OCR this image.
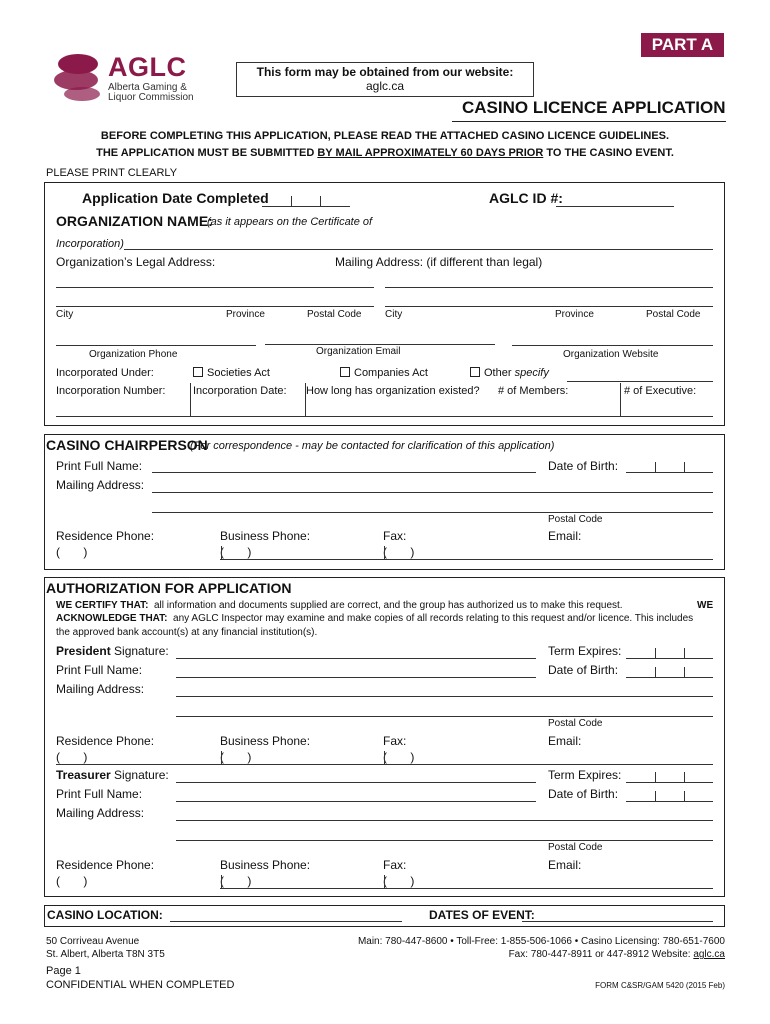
PART A
AGLC
Alberta Gaming &
Liquor Commission
This form may be obtained from our website:
aglc.ca
CASINO LICENCE APPLICATION
BEFORE COMPLETING THIS APPLICATION, PLEASE READ THE ATTACHED CASINO LICENCE GUIDELINES.
THE APPLICATION MUST BE SUBMITTED BY MAIL APPROXIMATELY 60 DAYS PRIOR TO THE CASINO EVENT.
PLEASE PRINT CLEARLY
Application Date Completed	AGLC ID #:
ORGANIZATION NAME:
(as it appears on the Certificate of
Incorporation)
Organization’s Legal Address:	Mailing Address: (if different than legal)
City	Province	Postal Code City	Province	Postal Code
Organization Phone	Organization Email	Organization Website
Incorporated Under:	Societies Act	Companies Act	Other specify
Incorporation Number:	Incorporation Date: How long has organization existed? # of Members:	# of Executive:
CASINO CHAIRPERSON
(For correspondence - may be contacted for clarification of this application)
Print Full Name:	Date of Birth:
Mailing Address:
Postal Code
Residence Phone:	Business Phone:	Fax:	Email:
(       )	(       )	(       )
AUTHORIZATION FOR APPLICATION
WE CERTIFY THAT: all information and documents supplied are correct, and the group has authorized us to make this request.	WE
ACKNOWLEDGE THAT: any AGLC Inspector may examine and make copies of all records relating to this request and/or licence. This includes
the approved bank account(s) at any financial institution(s).
President Signature:	Term Expires:
Print Full Name:	Date of Birth:
Mailing Address:
Postal Code
Residence Phone:	Business Phone:	Fax:	Email:
(       )	(       )	(       )
Treasurer Signature:	Term Expires:
Print Full Name:	Date of Birth:
Mailing Address:
Postal Code
Residence Phone:	Business Phone:	Fax:	Email:
(       )	(       )	(       )
CASINO LOCATION:	DATES OF EVENT:
50 Corriveau Avenue
St. Albert, Alberta T8N 3T5
Main: 780-447-8600 • Toll-Free: 1-855-506-1066 • Casino Licensing: 780-651-7600
Fax: 780-447-8911 or 447-8912 Website: aglc.ca
Page 1
CONFIDENTIAL WHEN COMPLETED	FORM C&SR/GAM 5420 (2015 Feb)
